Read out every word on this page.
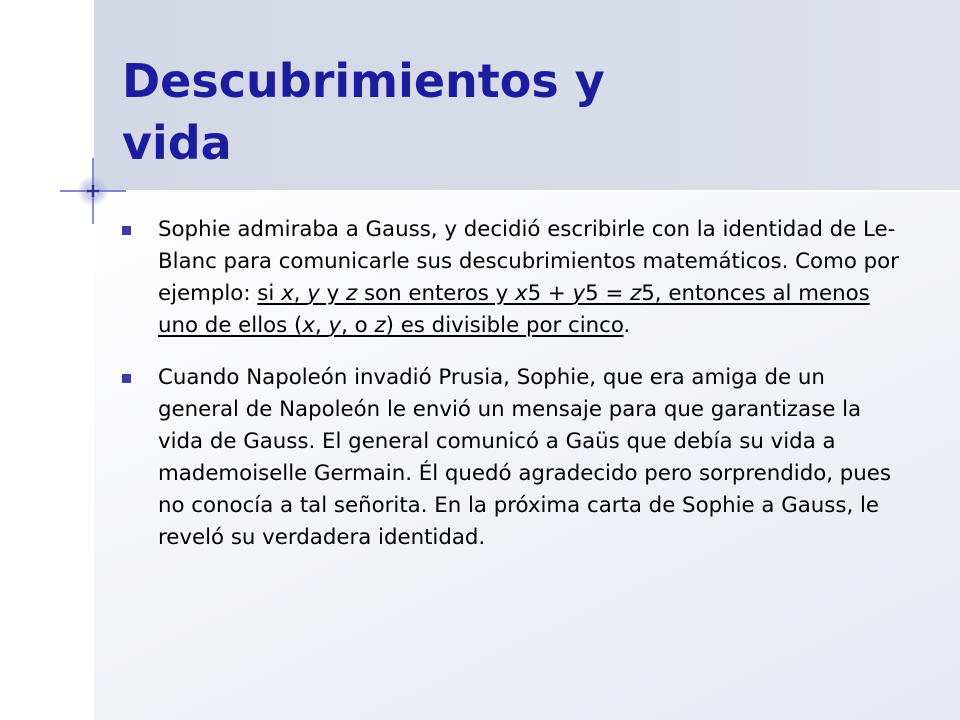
Descubrimientos y
vida
Sophie admiraba a Gauss, y decidió escribirle con la identidad de Le- Blanc para comunicarle sus descubrimientos matemáticos. Como por ejemplo: si x, y y z son enteros y x5 + y5 = z5, entonces al menos uno de ellos (x, y, o z) es divisible por cinco.
Cuando Napoleón invadió Prusia, Sophie, que era amiga de un general de Napoleón le envió un mensaje para que garantizase la vida de Gauss. El general comunicó a Gaüs que debía su vida a mademoiselle Germain. Él quedó agradecido pero sorprendido, pues no conocía a tal señorita. En la próxima carta de Sophie a Gauss, le reveló su verdadera identidad.
